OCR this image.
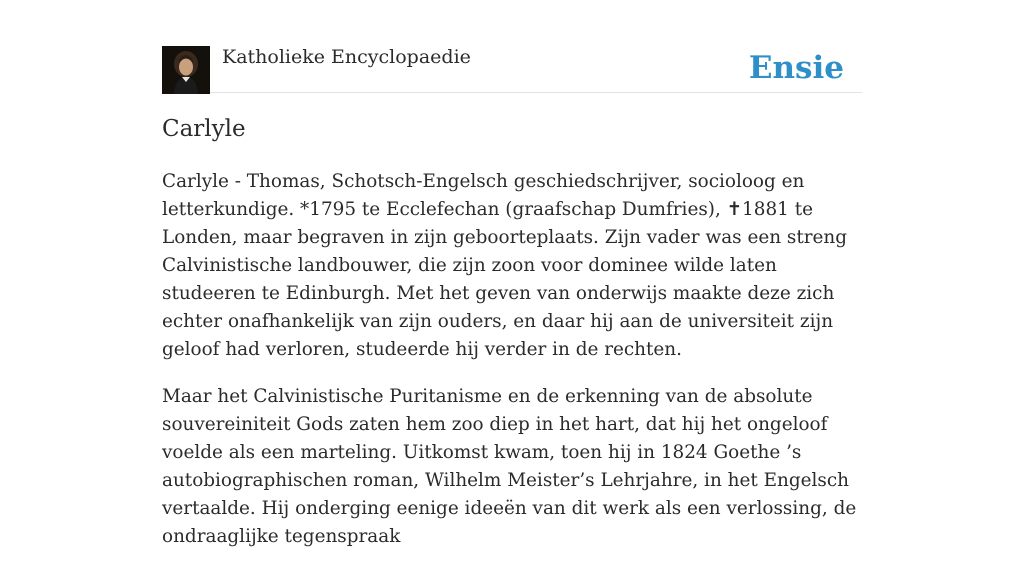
Katholieke Encyclopaedie	Ensie
Carlyle

Carlyle - Thomas, Schotsch-Engelsch geschiedschrijver, socioloog en letterkundige. *1795 te Ecclefechan (graafschap Dumfries), ✝1881 te Londen, maar begraven in zijn geboorteplaats. Zijn vader was een streng Calvinistische landbouwer, die zijn zoon voor dominee wilde laten studeeren te Edinburgh. Met het geven van onderwijs maakte deze zich echter onafhankelijk van zijn ouders, en daar hij aan de universiteit zijn geloof had verloren, studeerde hij verder in de rechten.

Maar het Calvinistische Puritanisme en de erkenning van de absolute souvereiniteit Gods zaten hem zoo diep in het hart, dat hij het ongeloof voelde als een marteling. Uitkomst kwam, toen hij in 1824 Goethe ’s autobiographischen roman, Wilhelm Meister’s Lehrjahre, in het Engelsch vertaalde. Hij onderging eenige ideeën van dit werk als een verlossing, de ondraaglijke tegenspraak
